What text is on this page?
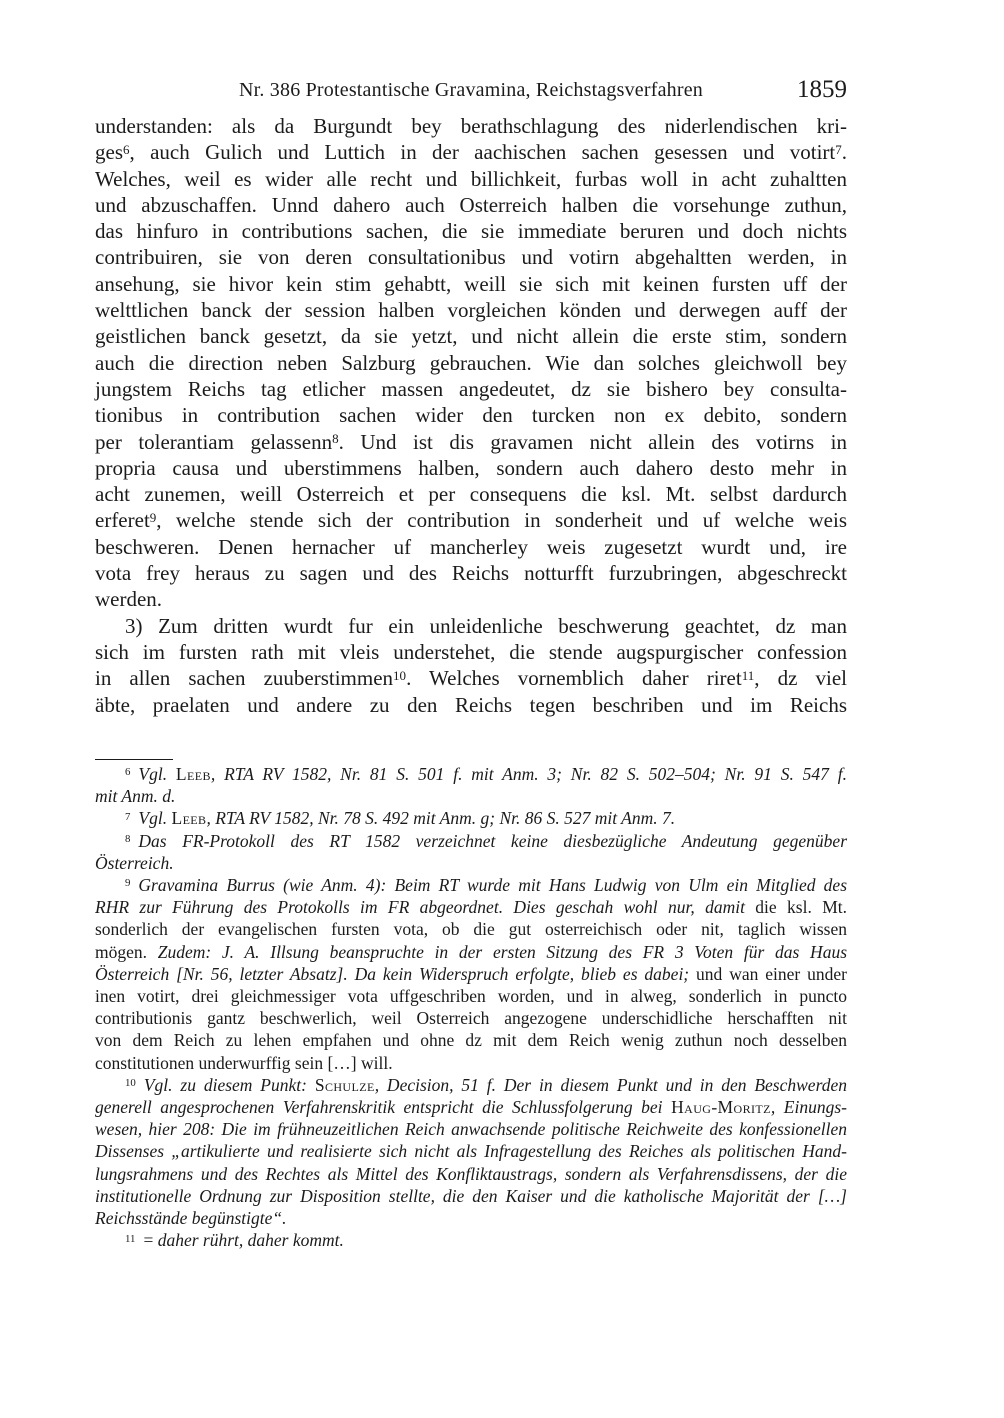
Nr. 386 Protestantische Gravamina, Reichstagsverfahren	1859
understanden: als da Burgundt bey berathschlagung des niderlendischen kri-
ges$^6$, auch Gulich und Luttich in der aachischen sachen gesessen und votirt$^7$.
Welches, weil es wider alle recht und billichkeit, furbas woll in acht zuhaltten
und abzuschaffen. Unnd dahero auch Osterreich halben die vorsehunge zuthun,
das hinfuro in contributions sachen, die sie immediate beruren und doch nichts
contribuiren, sie von deren consultationibus und votirn abgehaltten werden, in
ansehung, sie hivor kein stim gehabtt, weill sie sich mit keinen fursten uff der
welttlichen banck der session halben vorgleichen könden und derwegen auff der
geistlichen banck gesetzt, da sie yetzt, und nicht allein die erste stim, sondern
auch die direction neben Salzburg gebrauchen. Wie dan solches gleichwoll bey
jungstem Reichs tag etlicher massen angedeutet, dz sie bishero bey consulta-
tionibus in contribution sachen wider den turcken non ex debito, sondern
per tolerantiam gelassenn$^8$. Und ist dis gravamen nicht allein des votirns in
propria causa und uberstimmens halben, sondern auch dahero desto mehr in
acht zunemen, weill Osterreich et per consequens die ksl. Mt. selbst dardurch
erferet$^9$, welche stende sich der contribution in sonderheit und uf welche weis
beschweren. Denen hernacher uf mancherley weis zugesetzt wurdt und, ire
vota frey heraus zu sagen und des Reichs notturfft furzubringen, abgeschreckt
werden.
3) Zum dritten wurdt fur ein unleidenliche beschwerung geachtet, dz man
sich im fursten rath mit vleis understehet, die stende augspurgischer confession
in allen sachen zuuberstimmen$^{10}$. Welches vornemblich daher riret$^{11}$, dz viel
äbte, praelaten und andere zu den Reichs tegen beschriben und im Reichs
$^6$ Vgl. Leeb, RTA RV 1582, Nr. 81 S. 501 f. mit Anm. 3; Nr. 82 S. 502–504; Nr. 91 S. 547 f.
mit Anm. d.
$^7$ Vgl. Leeb, RTA RV 1582, Nr. 78 S. 492 mit Anm. g; Nr. 86 S. 527 mit Anm. 7.
$^8$ Das FR-Protokoll des RT 1582 verzeichnet keine diesbezügliche Andeutung gegenüber
Österreich.
$^9$ Gravamina Burrus (wie Anm. 4): Beim RT wurde mit Hans Ludwig von Ulm ein Mitglied des
RHR zur Führung des Protokolls im FR abgeordnet. Dies geschah wohl nur, damit die ksl. Mt.
sonderlich der evangelischen fursten vota, ob die gut osterreichisch oder nit, taglich wissen
mögen. Zudem: J. A. Illsung beanspruchte in der ersten Sitzung des FR 3 Voten für das Haus
Österreich [Nr. 56, letzter Absatz]. Da kein Widerspruch erfolgte, blieb es dabei; und wan einer under
inen votirt, drei gleichmessiger vota uffgeschriben worden, und in alweg, sonderlich in puncto
contributionis gantz beschwerlich, weil Osterreich angezogene underschidliche herschafften nit
von dem Reich zu lehen empfahen und ohne dz mit dem Reich wenig zuthun noch desselben
constitutionen underwurffig sein […] will.
$^{10}$ Vgl. zu diesem Punkt: Schulze, Decision, 51 f. Der in diesem Punkt und in den Beschwerden
generell angesprochenen Verfahrenskritik entspricht die Schlussfolgerung bei Haug-Moritz, Einungs-
wesen, hier 208: Die im frühneuzeitlichen Reich anwachsende politische Reichweite des konfessionellen
Dissenses „artikulierte und realisierte sich nicht als Infragestellung des Reiches als politischen Hand-
lungsrahmens und des Rechtes als Mittel des Konfliktaustrags, sondern als Verfahrensdissens, der die
institutionelle Ordnung zur Disposition stellte, die den Kaiser und die katholische Majorität der […]
Reichsstände begünstigte“.
$^{11}$ = daher rührt, daher kommt.
